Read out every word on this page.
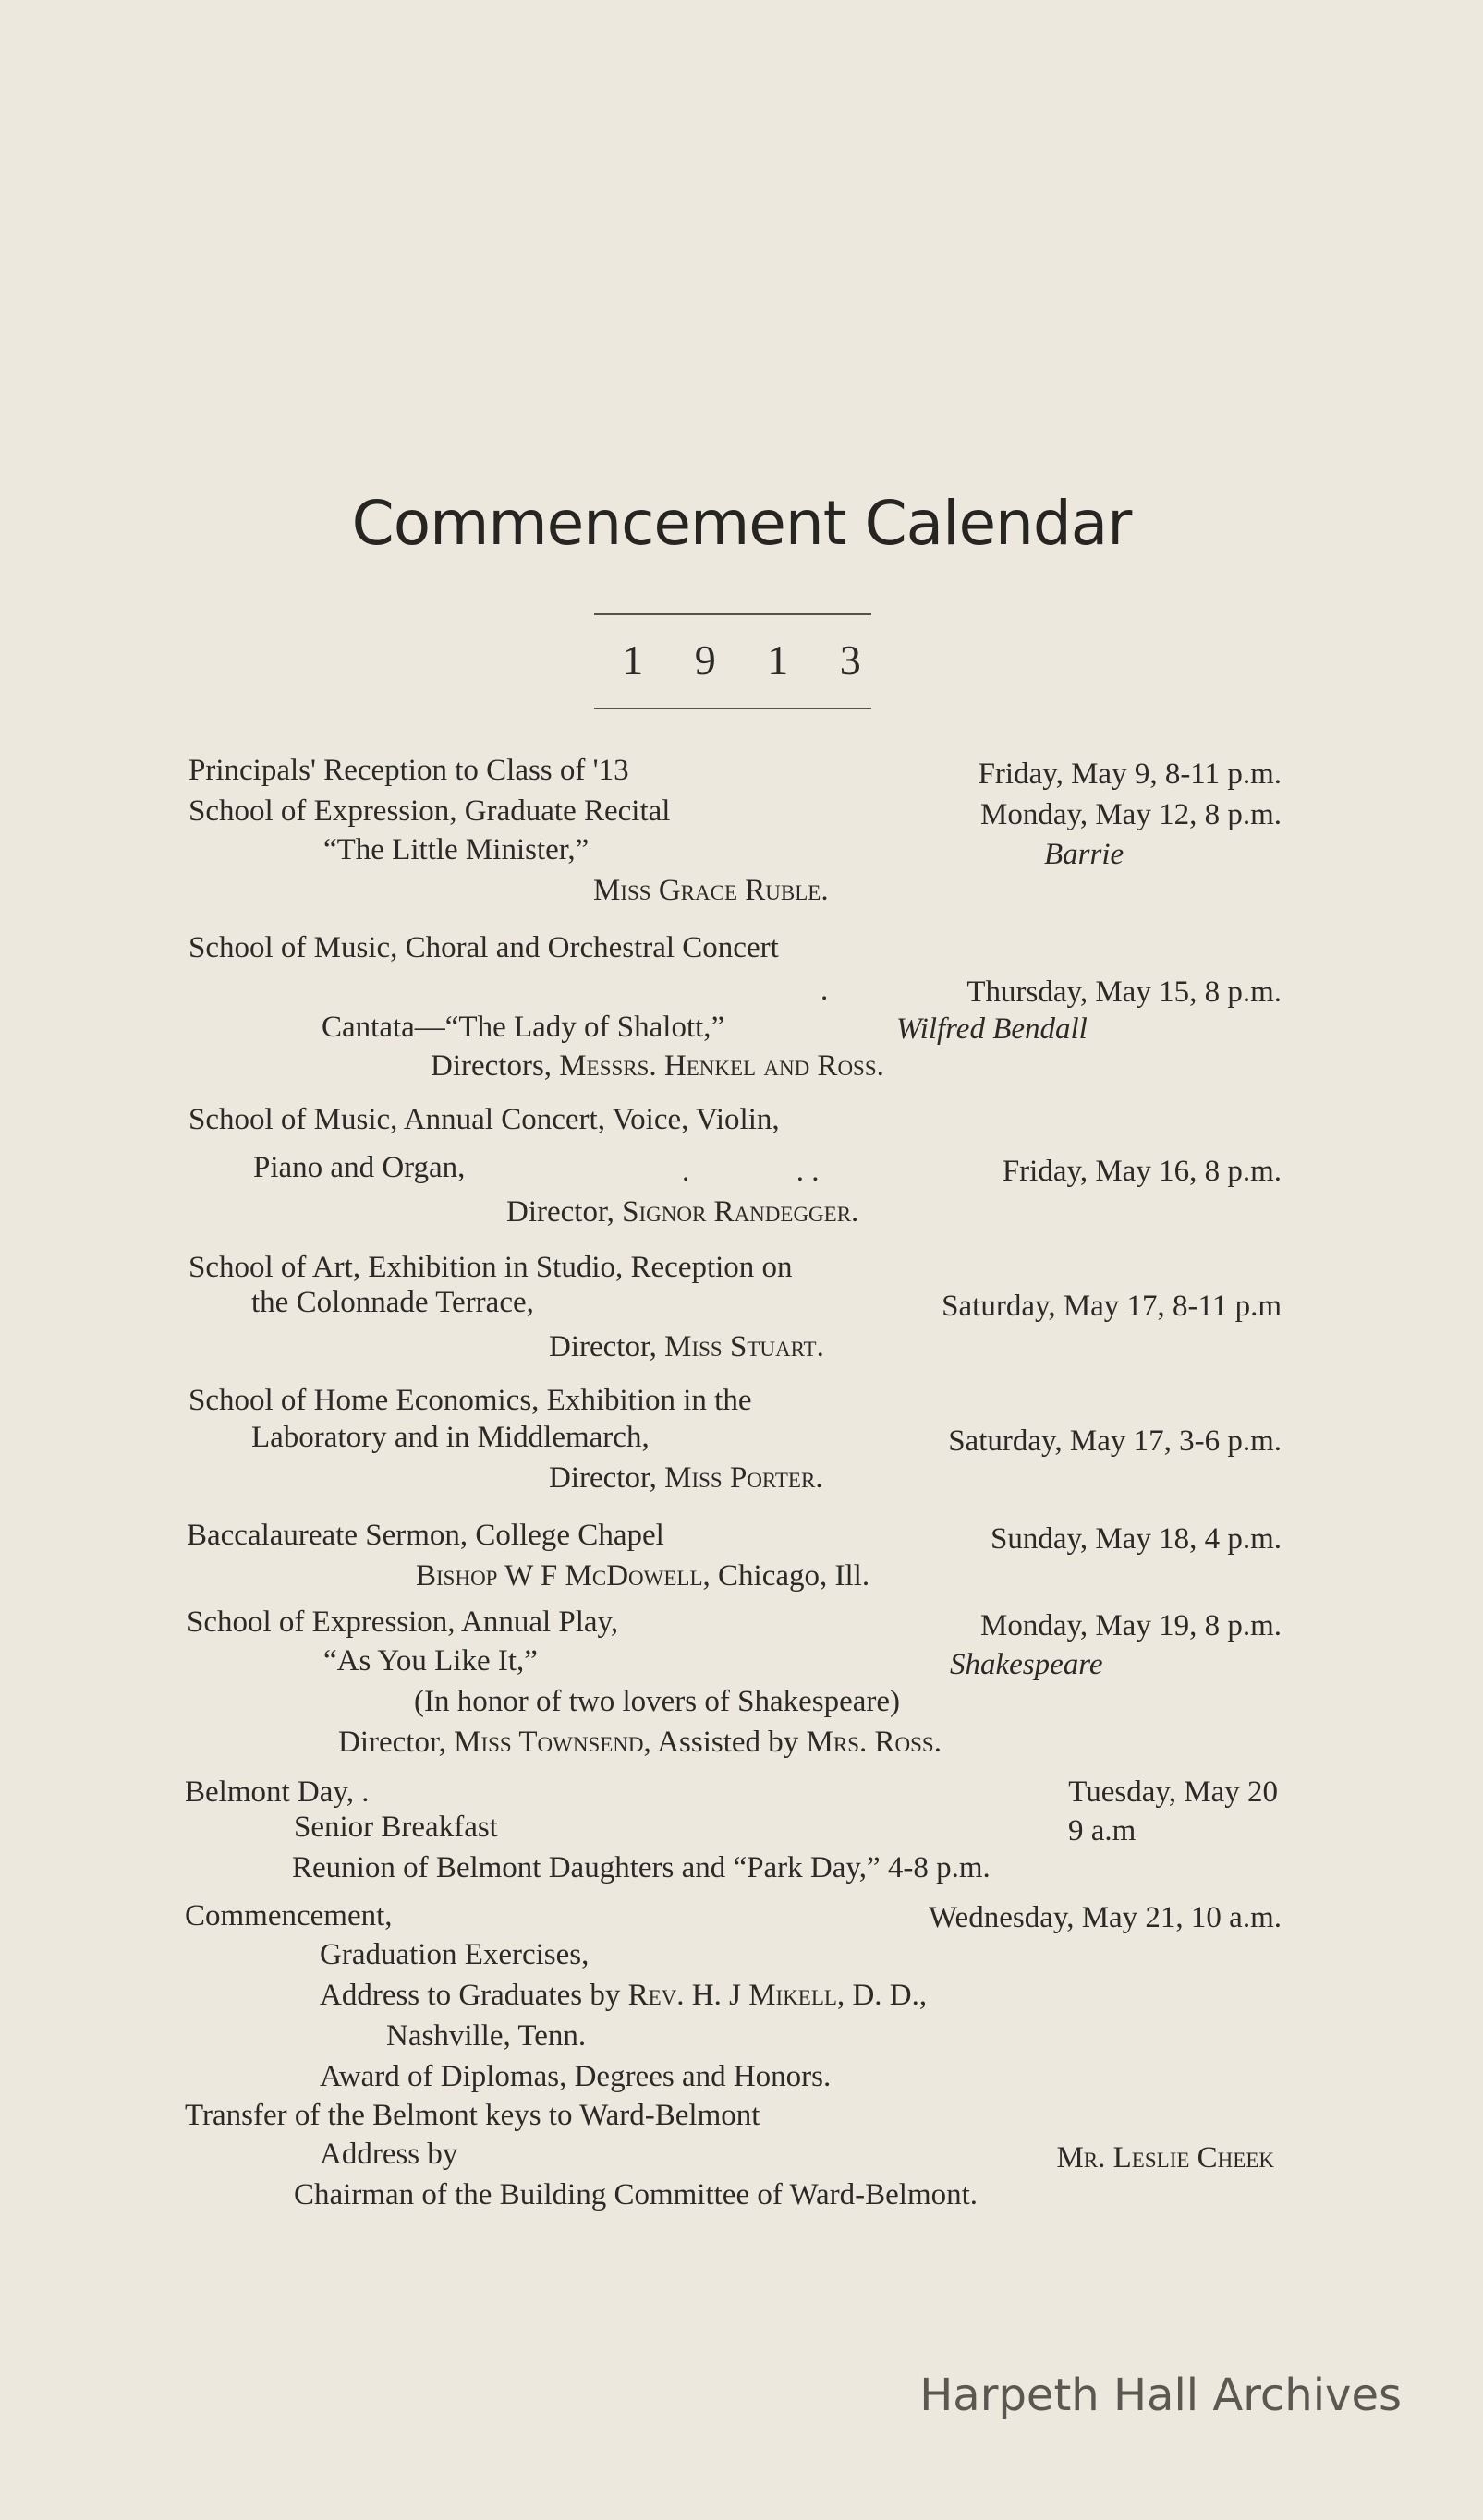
Commencement Calendar
1 9 1 3
Principals' Reception to Class of '13	Friday, May 9, 8-11 p.m.
School of Expression, Graduate Recital	Monday, May 12, 8 p.m.
“The Little Minister,”	Barrie
Miss Grace Ruble.
School of Music, Choral and Orchestral Concert
.	Thursday, May 15, 8 p.m.
Cantata—“The Lady of Shalott,”	Wilfred Bendall
Directors, Messrs. Henkel and Ross.
School of Music, Annual Concert, Voice, Violin,
Piano and Organ,	.              . .	Friday, May 16, 8 p.m.
Director, Signor Randegger.
School of Art, Exhibition in Studio, Reception on
the Colonnade Terrace,	Saturday, May 17, 8-11 p.m
Director, Miss Stuart.
School of Home Economics, Exhibition in the
Laboratory and in Middlemarch,	Saturday, May 17, 3-6 p.m.
Director, Miss Porter.
Baccalaureate Sermon, College Chapel	Sunday, May 18, 4 p.m.
Bishop W F McDowell, Chicago, Ill.
School of Expression, Annual Play,	Monday, May 19, 8 p.m.
“As You Like It,”	Shakespeare
(In honor of two lovers of Shakespeare)
Director, Miss Townsend, Assisted by Mrs. Ross.
Belmont Day, .	Tuesday, May 20
Senior Breakfast	9 a.m
Reunion of Belmont Daughters and “Park Day,” 4-8 p.m.
Commencement,	Wednesday, May 21, 10 a.m.
Graduation Exercises,
Address to Graduates by Rev. H. J Mikell, D. D.,
Nashville, Tenn.
Award of Diplomas, Degrees and Honors.
Transfer of the Belmont keys to Ward-Belmont
Address by	Mr. Leslie Cheek
Chairman of the Building Committee of Ward-Belmont.
Harpeth Hall Archives
